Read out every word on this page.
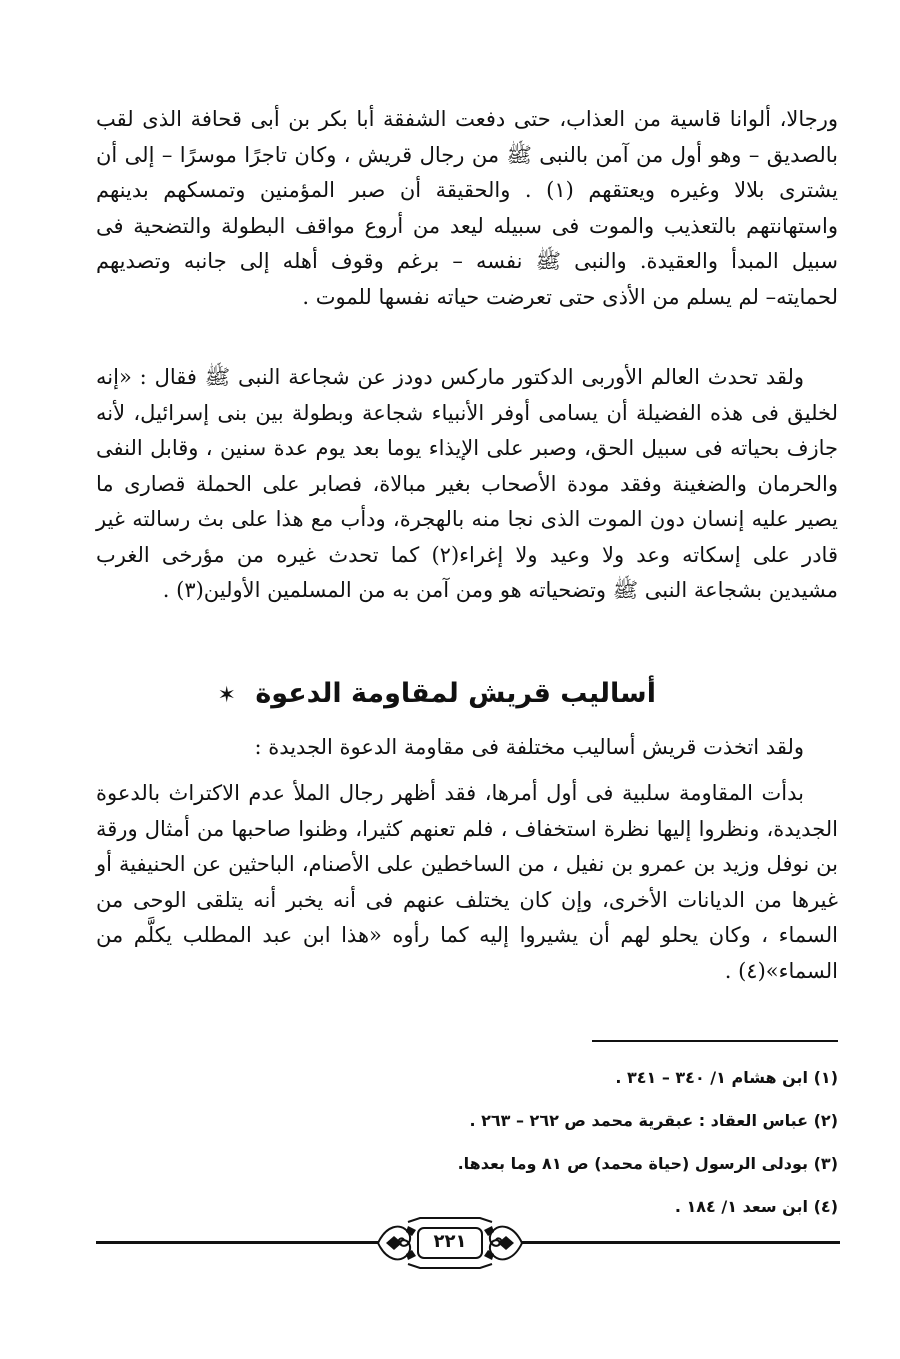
ورجالا، ألوانا قاسية من العذاب، حتى دفعت الشفقة أبا بكر بن أبى قحافة الذى لقب بالصديق – وهو أول من آمن بالنبى ﷺ من رجال قريش ، وكان تاجرًا موسرًا – إلى أن يشترى بلالا وغيره ويعتقهم (١) . والحقيقة أن صبر المؤمنين وتمسكهم بدينهم واستهانتهم بالتعذيب والموت فى سبيله ليعد من أروع مواقف البطولة والتضحية فى سبيل المبدأ والعقيدة. والنبى ﷺ نفسه – برغم وقوف أهله إلى جانبه وتصديهم لحمايته– لم يسلم من الأذى حتى تعرضت حياته نفسها للموت .

ولقد تحدث العالم الأوربى الدكتور ماركس دودز عن شجاعة النبى ﷺ فقال : «إنه لخليق فى هذه الفضيلة أن يسامى أوفر الأنبياء شجاعة وبطولة بين بنى إسرائيل، لأنه جازف بحياته فى سبيل الحق، وصبر على الإيذاء يوما بعد يوم عدة سنين ، وقابل النفى والحرمان والضغينة وفقد مودة الأصحاب بغير مبالاة، فصابر على الحملة قصارى ما يصير عليه إنسان دون الموت الذى نجا منه بالهجرة، ودأب مع هذا على بث رسالته غير قادر على إسكاته وعد ولا وعيد ولا إغراء(٢) كما تحدث غيره من مؤرخى الغرب مشيدين بشجاعة النبى ﷺ وتضحياته هو ومن آمن به من المسلمين الأولين(٣) .

أساليب قريش لمقاومة الدعوة ✶

ولقد اتخذت قريش أساليب مختلفة فى مقاومة الدعوة الجديدة :

بدأت المقاومة سلبية فى أول أمرها، فقد أظهر رجال الملأ عدم الاكتراث بالدعوة الجديدة، ونظروا إليها نظرة استخفاف ، فلم تعنهم كثيرا، وظنوا صاحبها من أمثال ورقة بن نوفل وزيد بن عمرو بن نفيل ، من الساخطين على الأصنام، الباحثين عن الحنيفية أو غيرها من الديانات الأخرى، وإن كان يختلف عنهم فى أنه يخبر أنه يتلقى الوحى من السماء ، وكان يحلو لهم أن يشيروا إليه كما رأوه «هذا ابن عبد المطلب يكلَّم من السماء»(٤) .

(١) ابن هشام ١/ ٣٤٠ – ٣٤١ .
(٢) عباس العقاد : عبقرية محمد ص ٢٦٢ – ٢٦٣ .
(٣) بودلى الرسول (حياة محمد) ص ٨١ وما بعدها.
(٤) ابن سعد ١/ ١٨٤ .
٢٢١
